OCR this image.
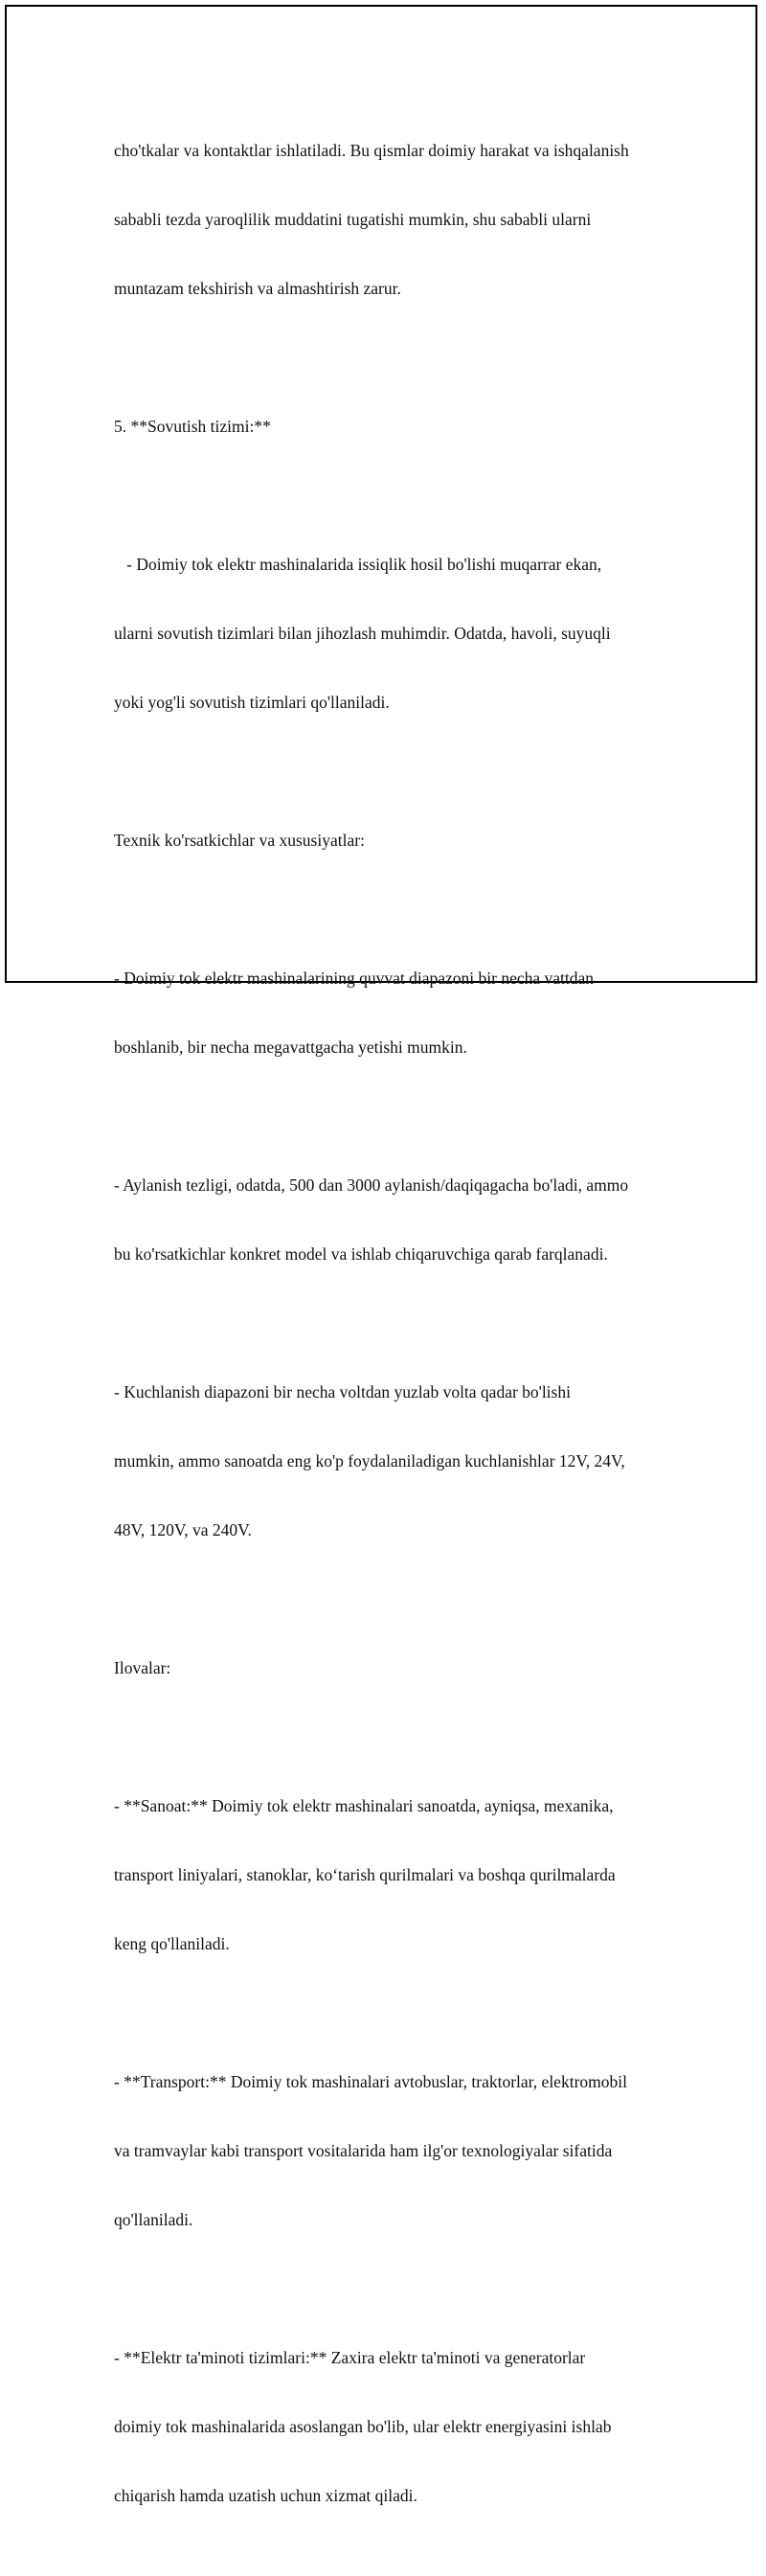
cho'tkalar va kontaktlar ishlatiladi. Bu qismlar doimiy harakat va ishqalanish

sababli tezda yaroqlilik muddatini tugatishi mumkin, shu sababli ularni

muntazam tekshirish va almashtirish zarur.

5. **Sovutish tizimi:**

- Doimiy tok elektr mashinalarida issiqlik hosil bo'lishi muqarrar ekan,

ularni sovutish tizimlari bilan jihozlash muhimdir. Odatda, havoli, suyuqli

yoki yog'li sovutish tizimlari qo'llaniladi.

Texnik ko'rsatkichlar va xususiyatlar:

- Doimiy tok elektr mashinalarining quvvat diapazoni bir necha vattdan

boshlanib, bir necha megavattgacha yetishi mumkin.

- Aylanish tezligi, odatda, 500 dan 3000 aylanish/daqiqagacha bo'ladi, ammo

bu ko'rsatkichlar konkret model va ishlab chiqaruvchiga qarab farqlanadi.

- Kuchlanish diapazoni bir necha voltdan yuzlab volta qadar bo'lishi

mumkin, ammo sanoatda eng ko'p foydalaniladigan kuchlanishlar 12V, 24V,

48V, 120V, va 240V.

Ilovalar:

- **Sanoat:** Doimiy tok elektr mashinalari sanoatda, ayniqsa, mexanika,

transport liniyalari, stanoklar, ko‘tarish qurilmalari va boshqa qurilmalarda

keng qo'llaniladi.

- **Transport:** Doimiy tok mashinalari avtobuslar, traktorlar, elektromobil

va tramvaylar kabi transport vositalarida ham ilg'or texnologiyalar sifatida

qo'llaniladi.

- **Elektr ta'minoti tizimlari:** Zaxira elektr ta'minoti va generatorlar

doimiy tok mashinalarida asoslangan bo'lib, ular elektr energiyasini ishlab

chiqarish hamda uzatish uchun xizmat qiladi.
